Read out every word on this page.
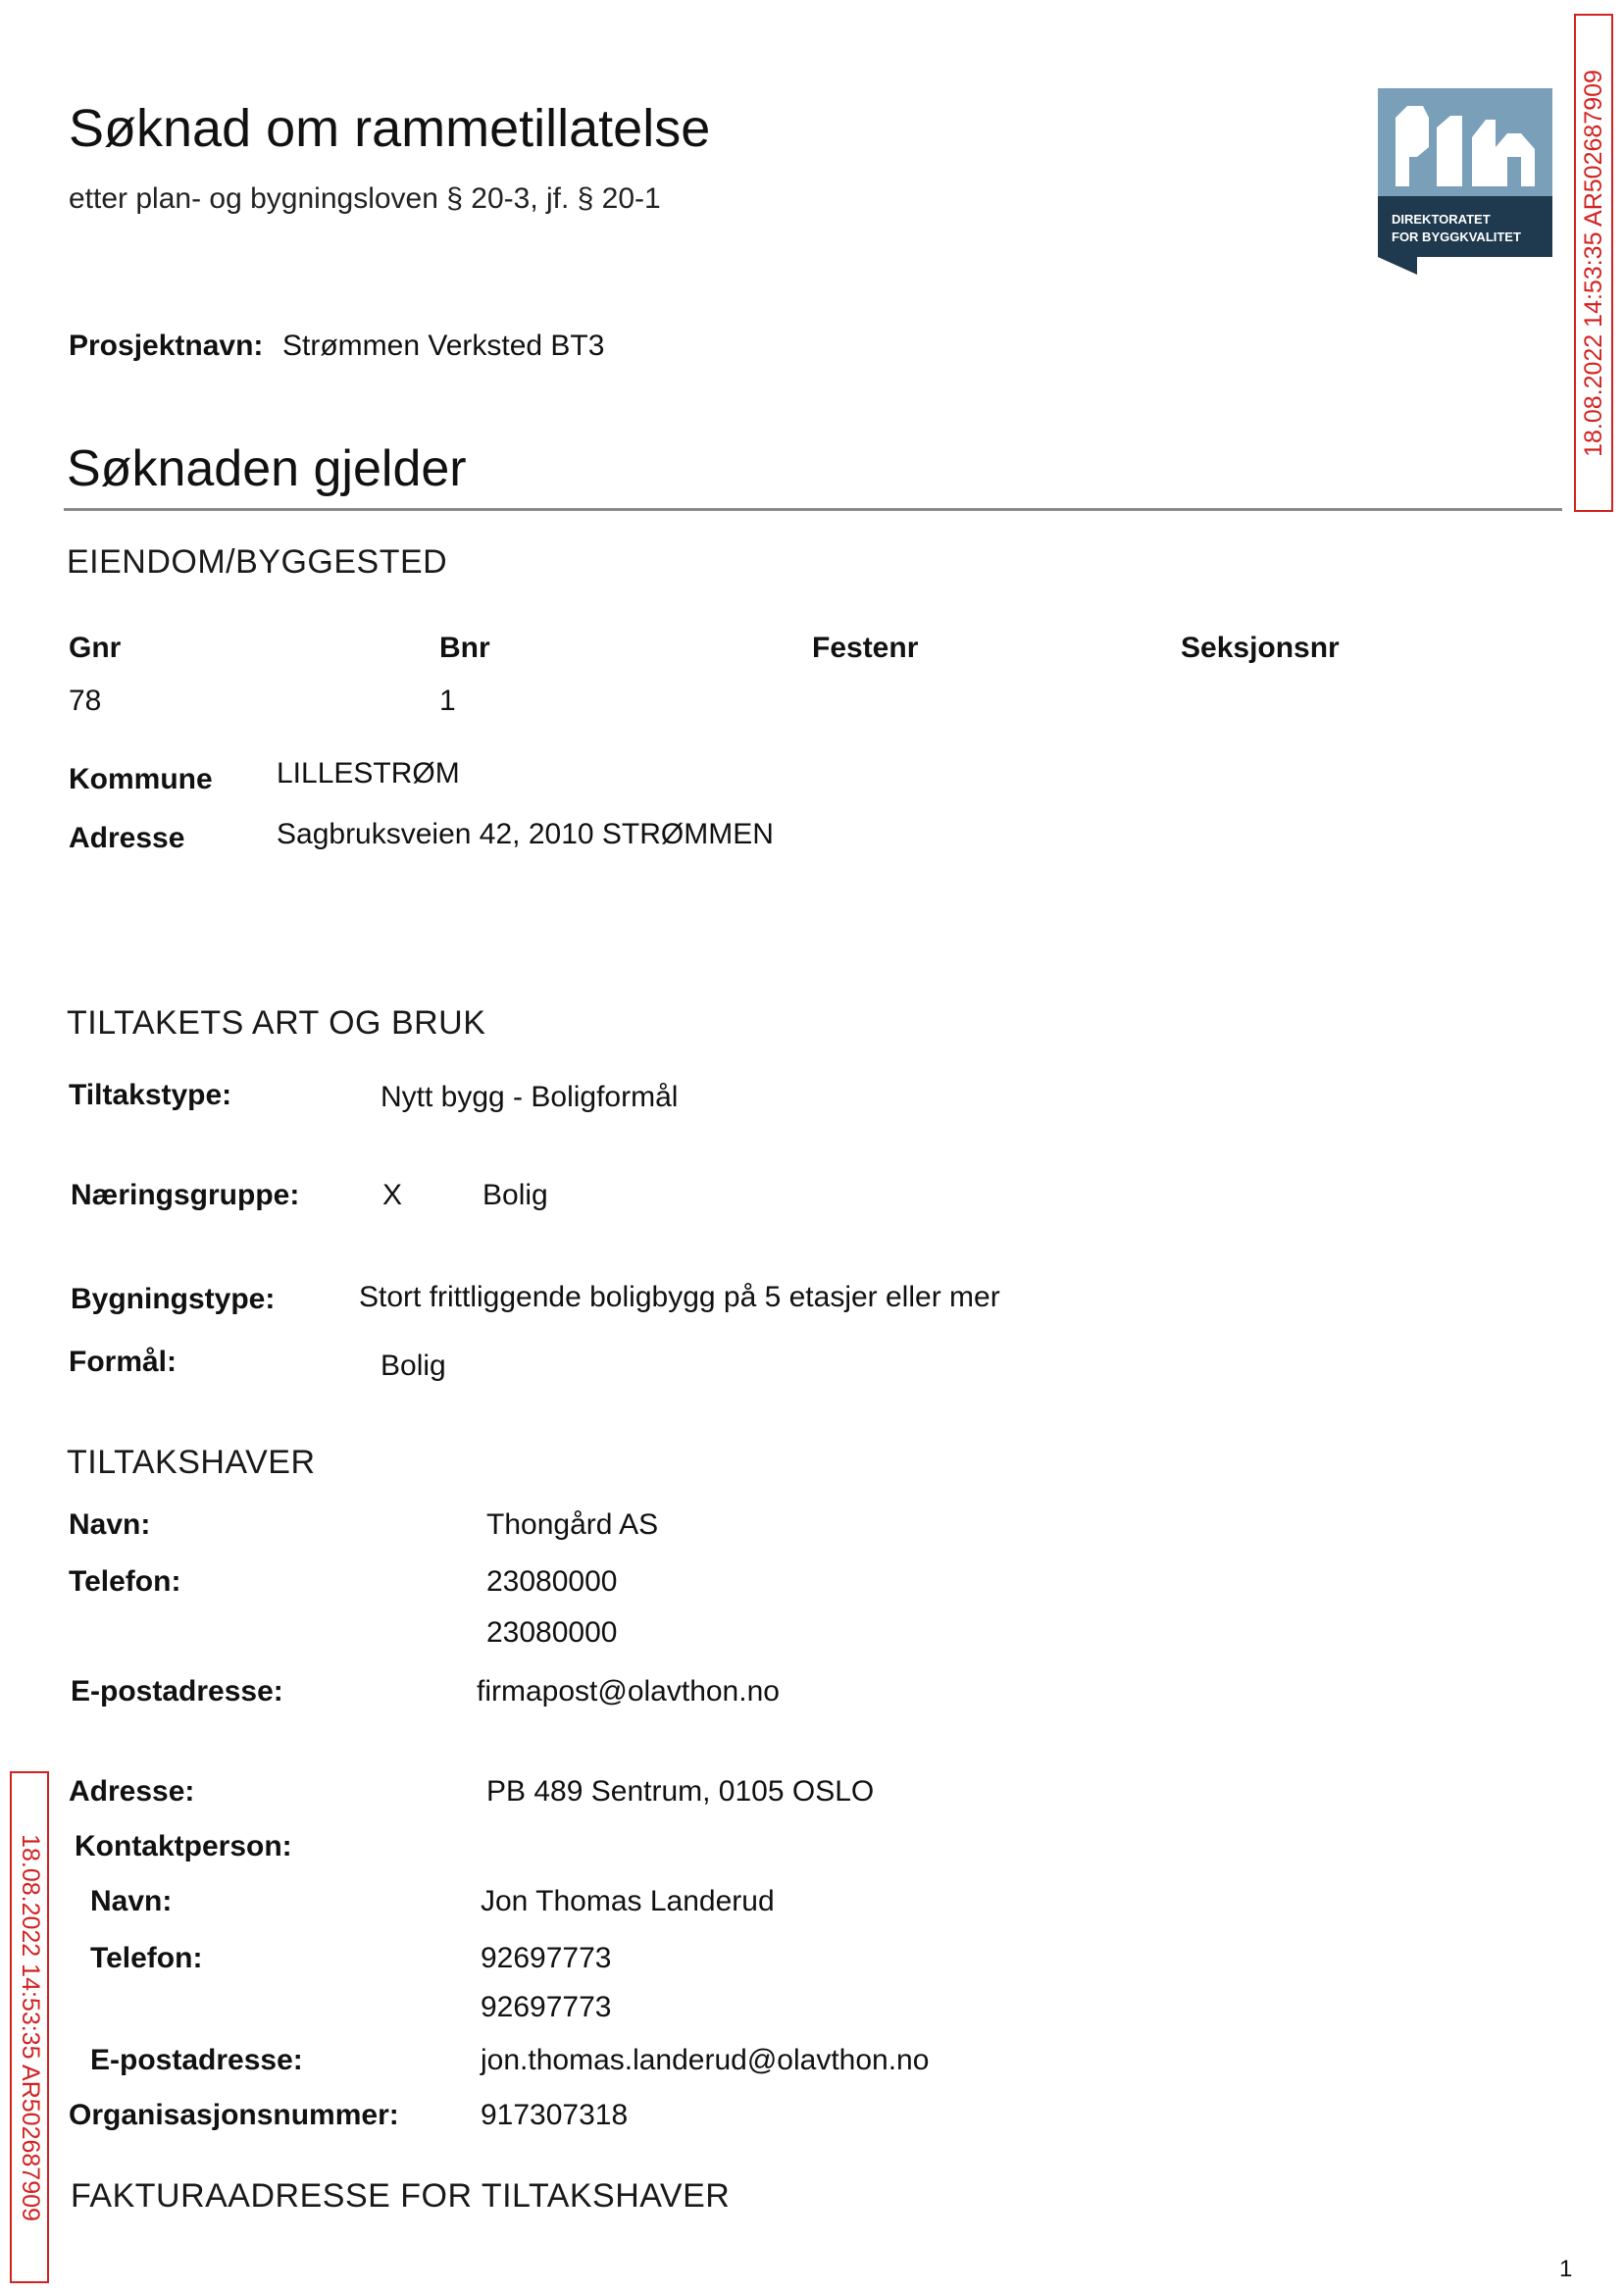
Søknad om rammetillatelse
etter plan- og bygningsloven § 20-3, jf. § 20-1
DIREKTORATET
FOR BYGGKVALITET 18.08.2022 14:53:35 AR502687909
18.08.2022 14:53:35 AR502687909
Prosjektnavn: Strømmen Verksted BT3
Søknaden gjelder
EIENDOM/BYGGESTED
Gnr	Bnr	Festenr	Seksjonsnr
78	1
Kommune LILLESTRØM
Adresse	Sagbruksveien 42, 2010 STRØMMEN
TILTAKETS ART OG BRUK
Tiltakstype:	Nytt bygg - Boligformål
Næringsgruppe:	X	Bolig
Bygningstype:	Stort frittliggende boligbygg på 5 etasjer eller mer
Formål:	Bolig
TILTAKSHAVER
Navn:	Thongård AS
Telefon:	23080000
23080000
E-postadresse:	firmapost@olavthon.no
Adresse:	PB 489 Sentrum, 0105 OSLO
Kontaktperson:
Navn:	Jon Thomas Landerud
Telefon:	92697773
92697773
E-postadresse:	jon.thomas.landerud@olavthon.no
Organisasjonsnummer:	917307318
FAKTURAADRESSE FOR TILTAKSHAVER
1
